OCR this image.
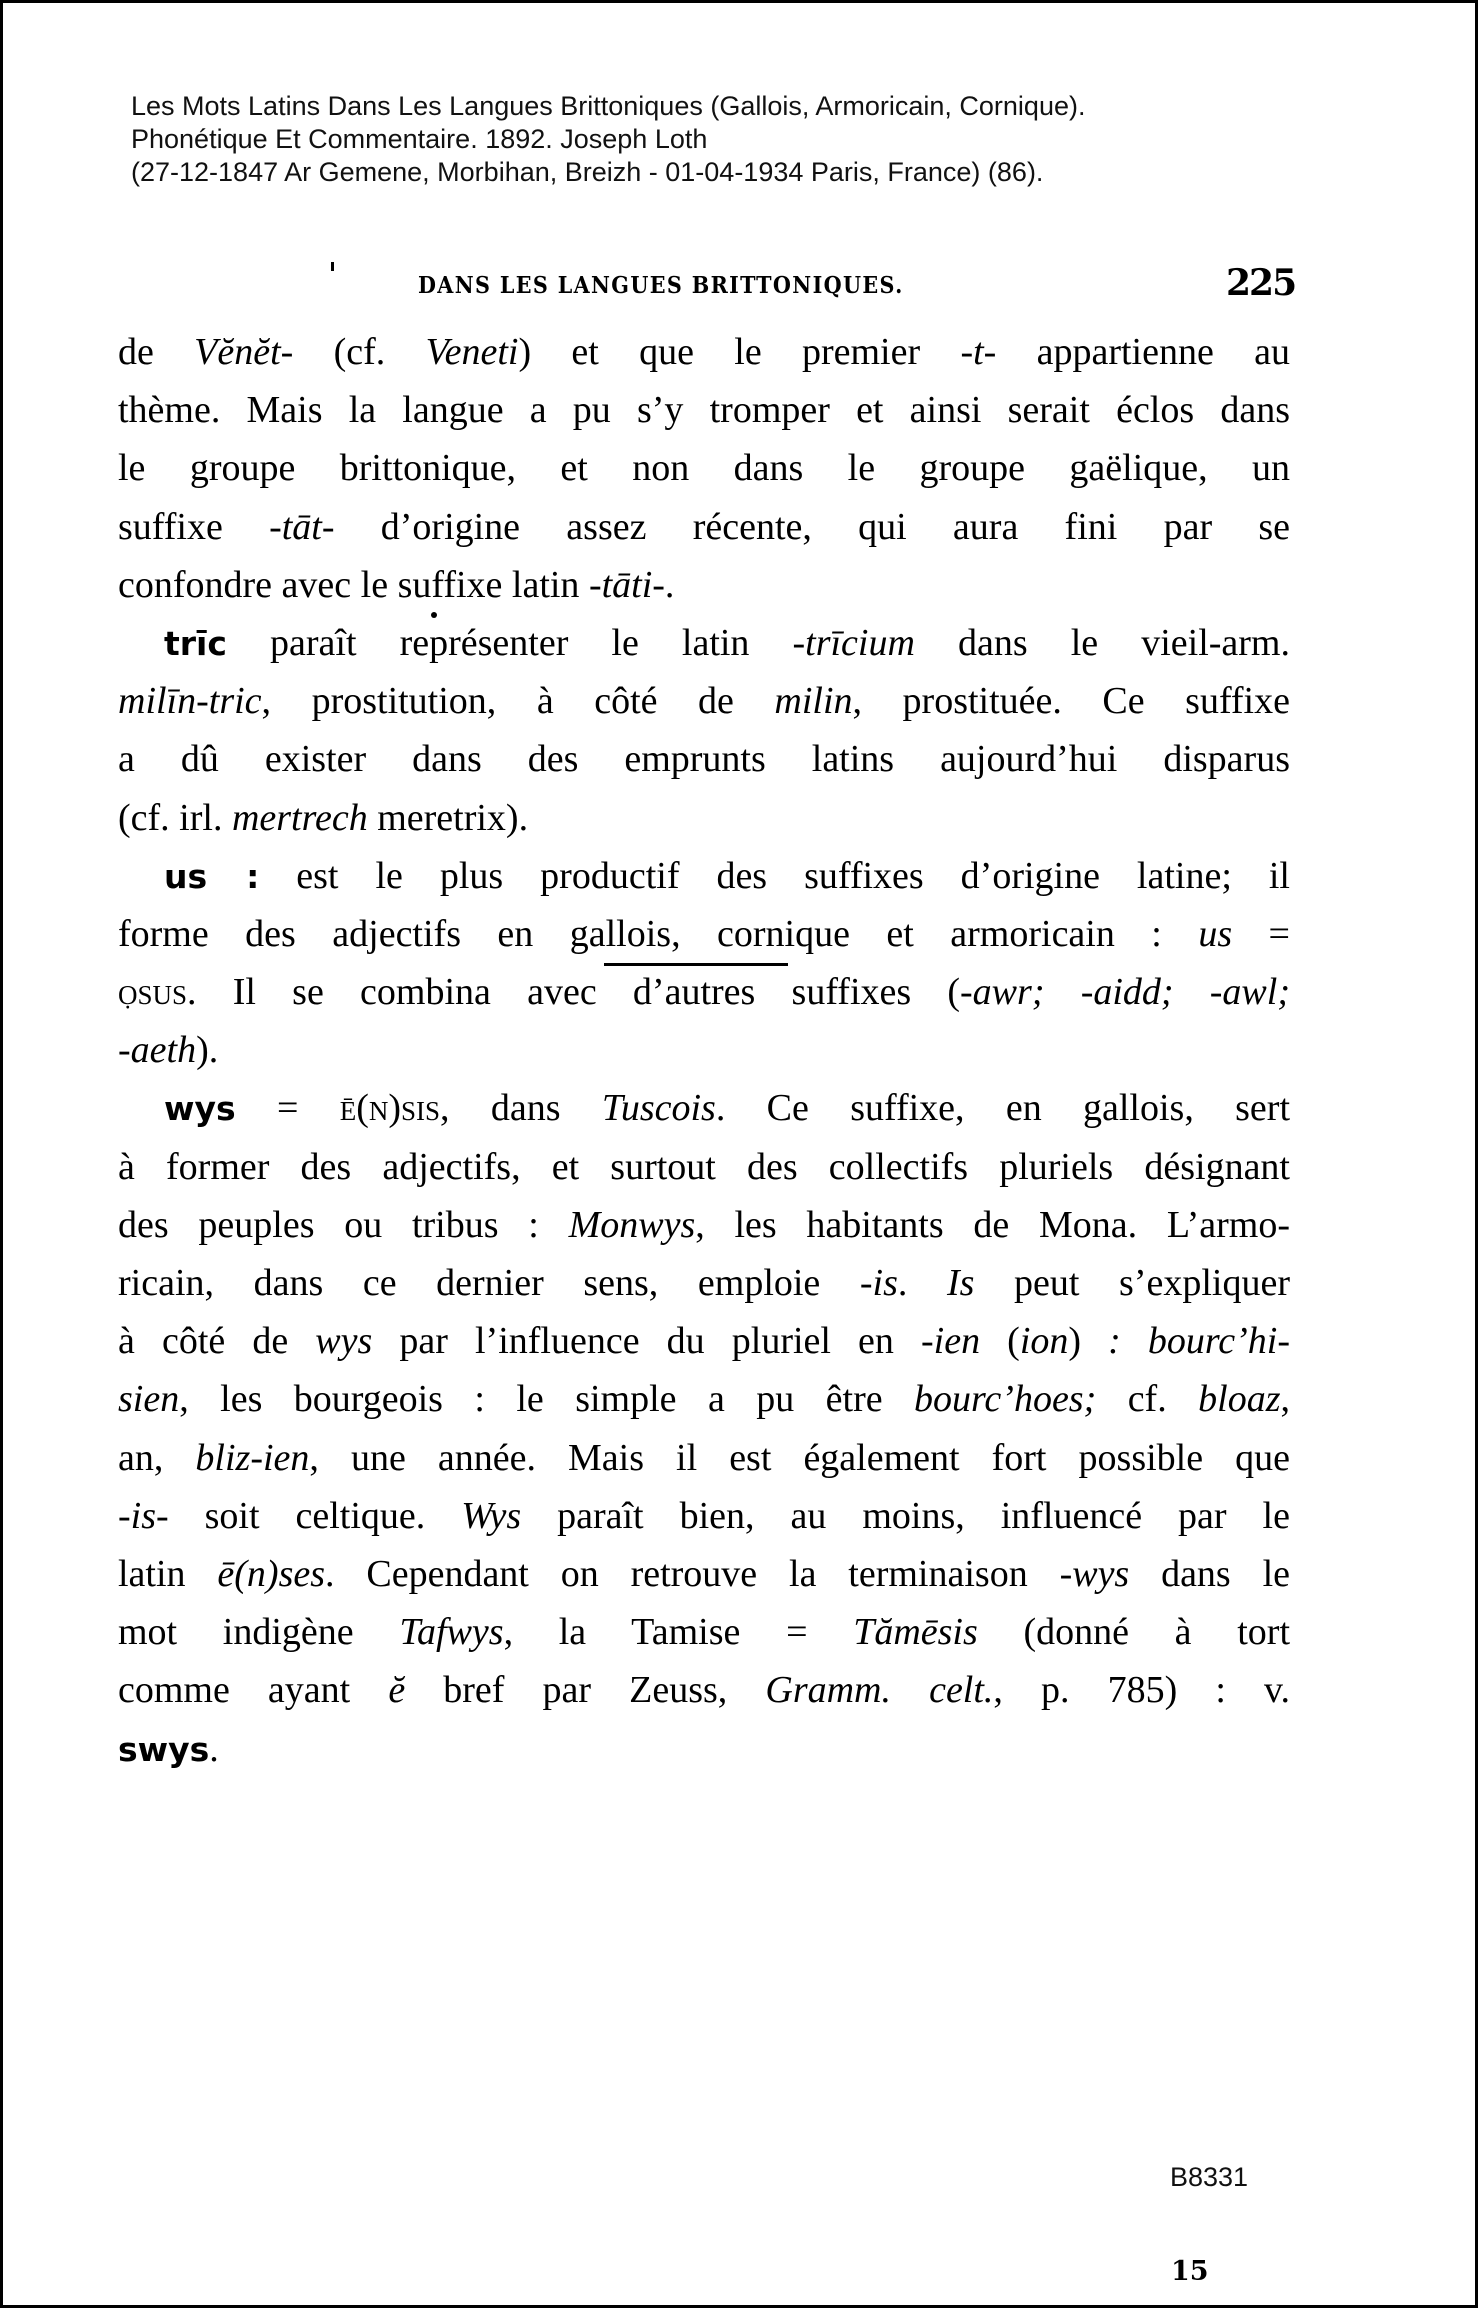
Les Mots Latins Dans Les Langues Brittoniques (Gallois, Armoricain, Cornique).
Phonétique Et Commentaire. 1892. Joseph Loth
(27-12-1847 Ar Gemene, Morbihan, Breizh - 01-04-1934 Paris, France) (86).
DANS LES LANGUES BRITTONIQUES.	225
de Vĕnĕt- (cf. Veneti) et que le premier -t- appartienne au
thème. Mais la langue a pu s’y tromper et ainsi serait éclos dans
le groupe brittonique, et non dans le groupe gaëlique, un
suffixe -tāt- d’origine assez récente, qui aura fini par se
confondre avec le suffixe latin -tāti-.
trīc paraît représenter le latin -trīcium dans le vieil-arm.
milīn-tric, prostitution, à côté de milin, prostituée. Ce suffixe
a dû exister dans des emprunts latins aujourd’hui disparus
(cf. irl. mertrech meretrix).
us : est le plus productif des suffixes d’origine latine; il
forme des adjectifs en gallois, cornique et armoricain : us =
ọsus. Il se combina avec d’autres suffixes (-awr; -aidd; -awl;
-aeth).
wys = ē(n)sis, dans Tuscois. Ce suffixe, en gallois, sert
à former des adjectifs, et surtout des collectifs pluriels désignant
des peuples ou tribus : Monwys, les habitants de Mona. L’armo-
ricain, dans ce dernier sens, emploie -is. Is peut s’expliquer
à côté de wys par l’influence du pluriel en -ien (ion) : bourc’hi-
sien, les bourgeois : le simple a pu être bourc’hoes; cf. bloaz,
an, bliz-ien, une année. Mais il est également fort possible que
-is- soit celtique. Wys paraît bien, au moins, influencé par le
latin ē(n)ses. Cependant on retrouve la terminaison -wys dans le
mot indigène Tafwys, la Tamise = Tămēsis (donné à tort
comme ayant ĕ bref par Zeuss, Gramm. celt., p. 785) : v.
swys.
B8331
15
